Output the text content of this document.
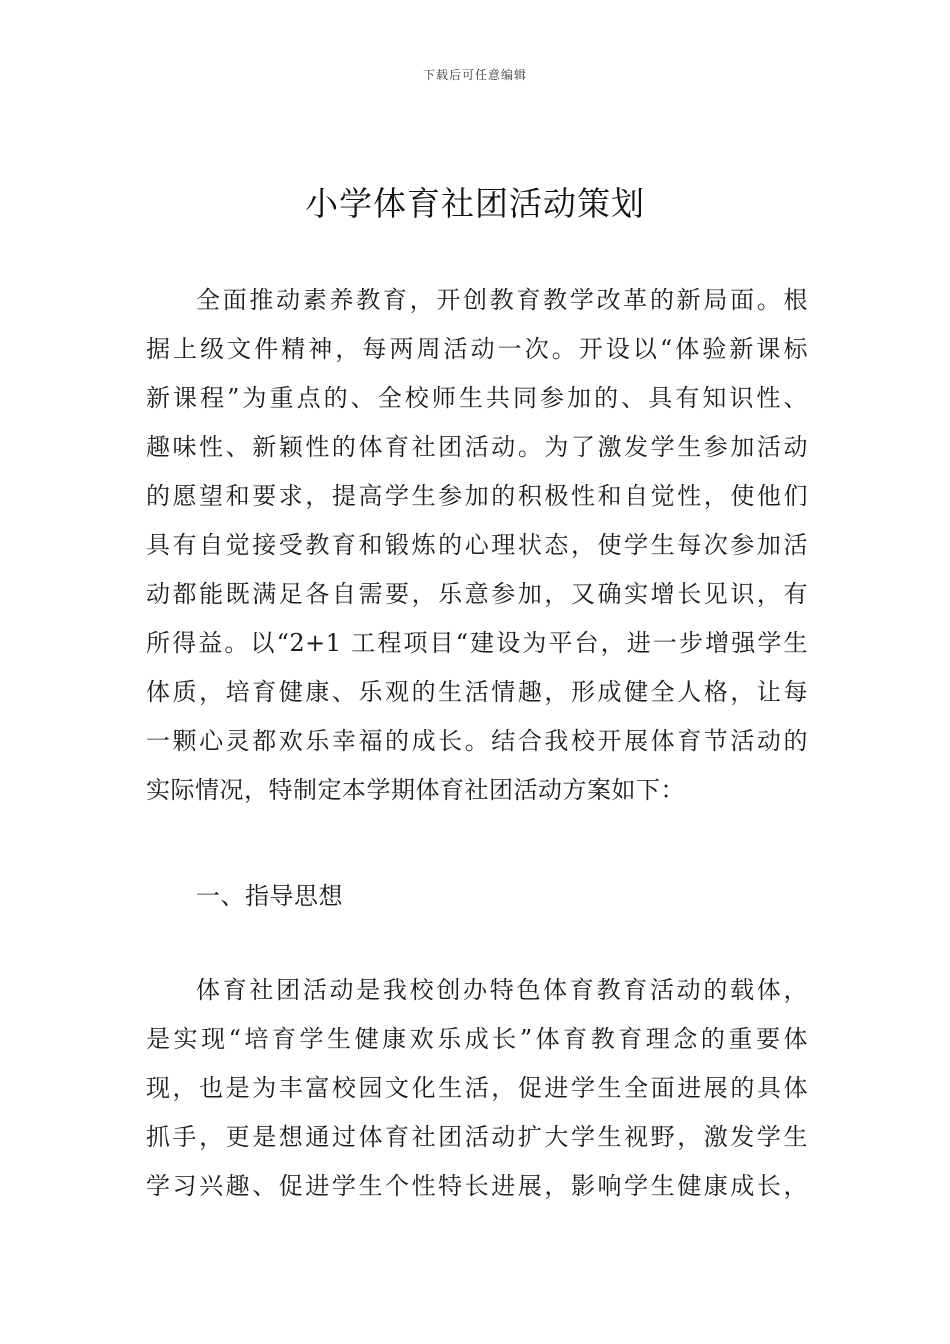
下载后可任意编辑
小学体育社团活动策划
全面推动素养教育，开创教育教学改革的新局面。根
据上级文件精神，每两周活动一次。开设以“体验新课标
新课程”为重点的、全校师生共同参加的、具有知识性、
趣味性、新颖性的体育社团活动。为了激发学生参加活动
的愿望和要求，提高学生参加的积极性和自觉性，使他们
具有自觉接受教育和锻炼的心理状态，使学生每次参加活
动都能既满足各自需要，乐意参加，又确实增长见识，有
所得益。以“2+1 工程项目“建设为平台，进一步增强学生
体质，培育健康、乐观的生活情趣，形成健全人格，让每
一颗心灵都欢乐幸福的成长。结合我校开展体育节活动的
实际情况，特制定本学期体育社团活动方案如下：
一、指导思想
体育社团活动是我校创办特色体育教育活动的载体，
是实现“培育学生健康欢乐成长”体育教育理念的重要体
现，也是为丰富校园文化生活，促进学生全面进展的具体
抓手，更是想通过体育社团活动扩大学生视野，激发学生
学习兴趣、促进学生个性特长进展，影响学生健康成长，
